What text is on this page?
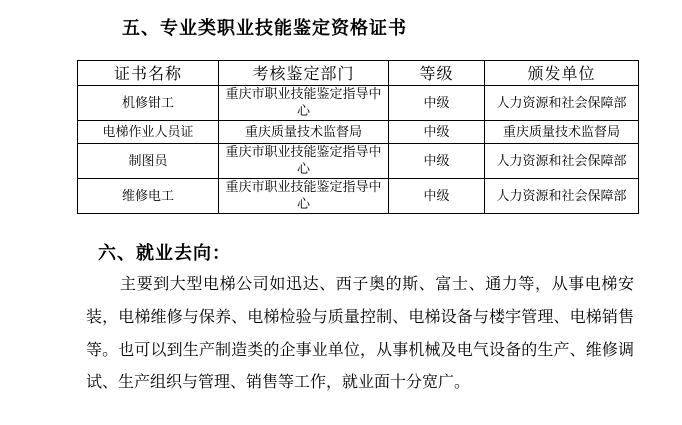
五、专业类职业技能鉴定资格证书
证书名称	考核鉴定部门	等级	颁发单位
机修钳工	重庆市职业技能鉴定指导中心	中级	人力资源和社会保障部
电梯作业人员证	重庆质量技术监督局	中级	重庆质量技术监督局
制图员	重庆市职业技能鉴定指导中心	中级	人力资源和社会保障部
维修电工	重庆市职业技能鉴定指导中心	中级	人力资源和社会保障部
六、就业去向：

主要到大型电梯公司如迅达、西子奥的斯、富士、通力等，从事电梯安装，电梯维修与保养、电梯检验与质量控制、电梯设备与楼宇管理、电梯销售等。也可以到生产制造类的企事业单位，从事机械及电气设备的生产、维修调试、生产组织与管理、销售等工作，就业面十分宽广。
